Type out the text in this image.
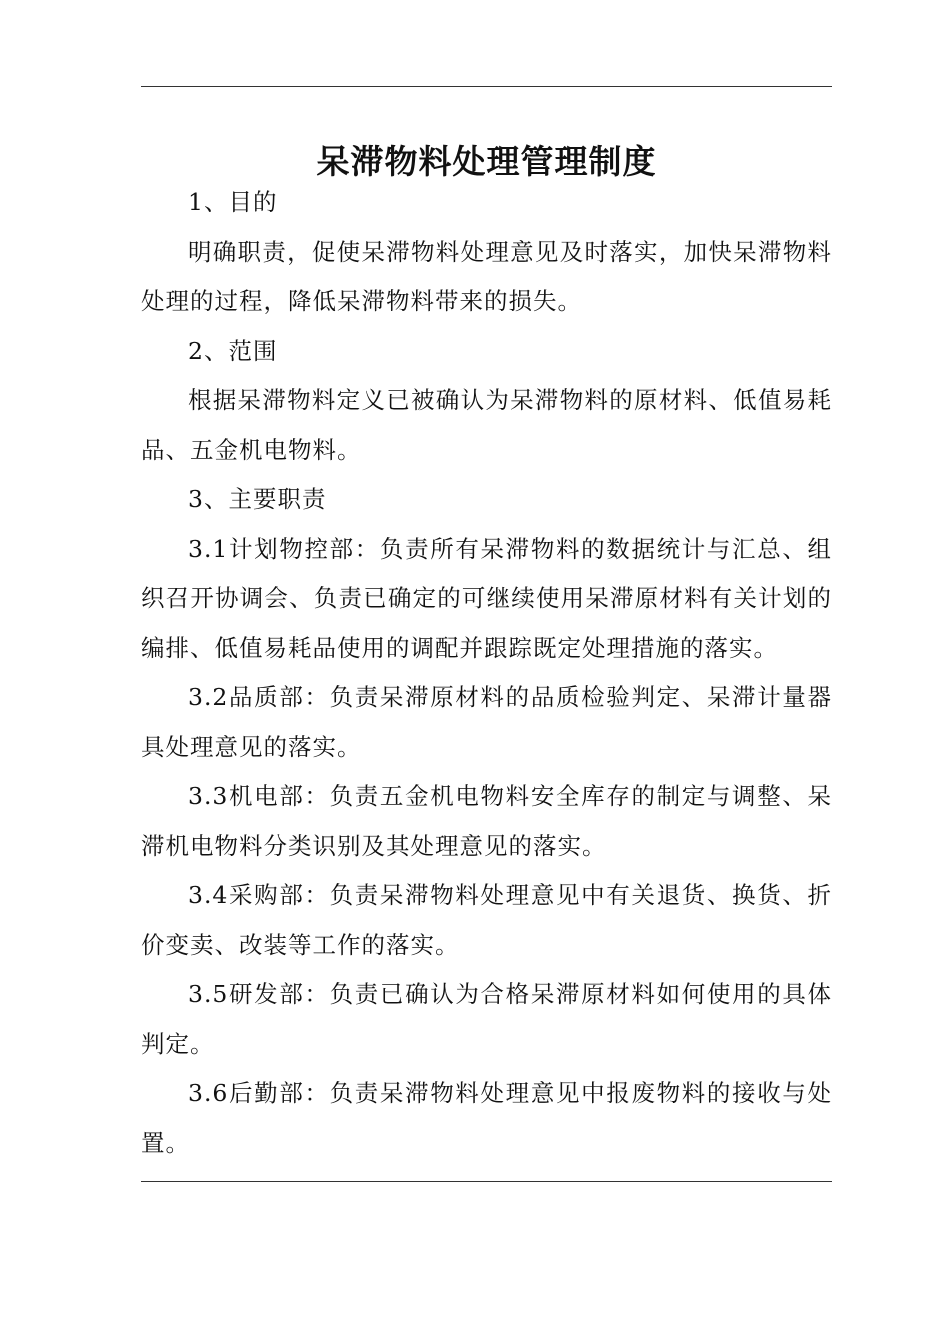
呆滞物料处理管理制度

1、目的

明确职责，促使呆滞物料处理意见及时落实，加快呆滞物料处理的过程，降低呆滞物料带来的损失。

2、范围

根据呆滞物料定义已被确认为呆滞物料的原材料、低值易耗品、五金机电物料。

3、主要职责

3.1计划物控部：负责所有呆滞物料的数据统计与汇总、组织召开协调会、负责已确定的可继续使用呆滞原材料有关计划的编排、低值易耗品使用的调配并跟踪既定处理措施的落实。

3.2品质部：负责呆滞原材料的品质检验判定、呆滞计量器具处理意见的落实。

3.3机电部：负责五金机电物料安全库存的制定与调整、呆滞机电物料分类识别及其处理意见的落实。

3.4采购部：负责呆滞物料处理意见中有关退货、换货、折价变卖、改装等工作的落实。

3.5研发部：负责已确认为合格呆滞原材料如何使用的具体判定。

3.6后勤部：负责呆滞物料处理意见中报废物料的接收与处置。
